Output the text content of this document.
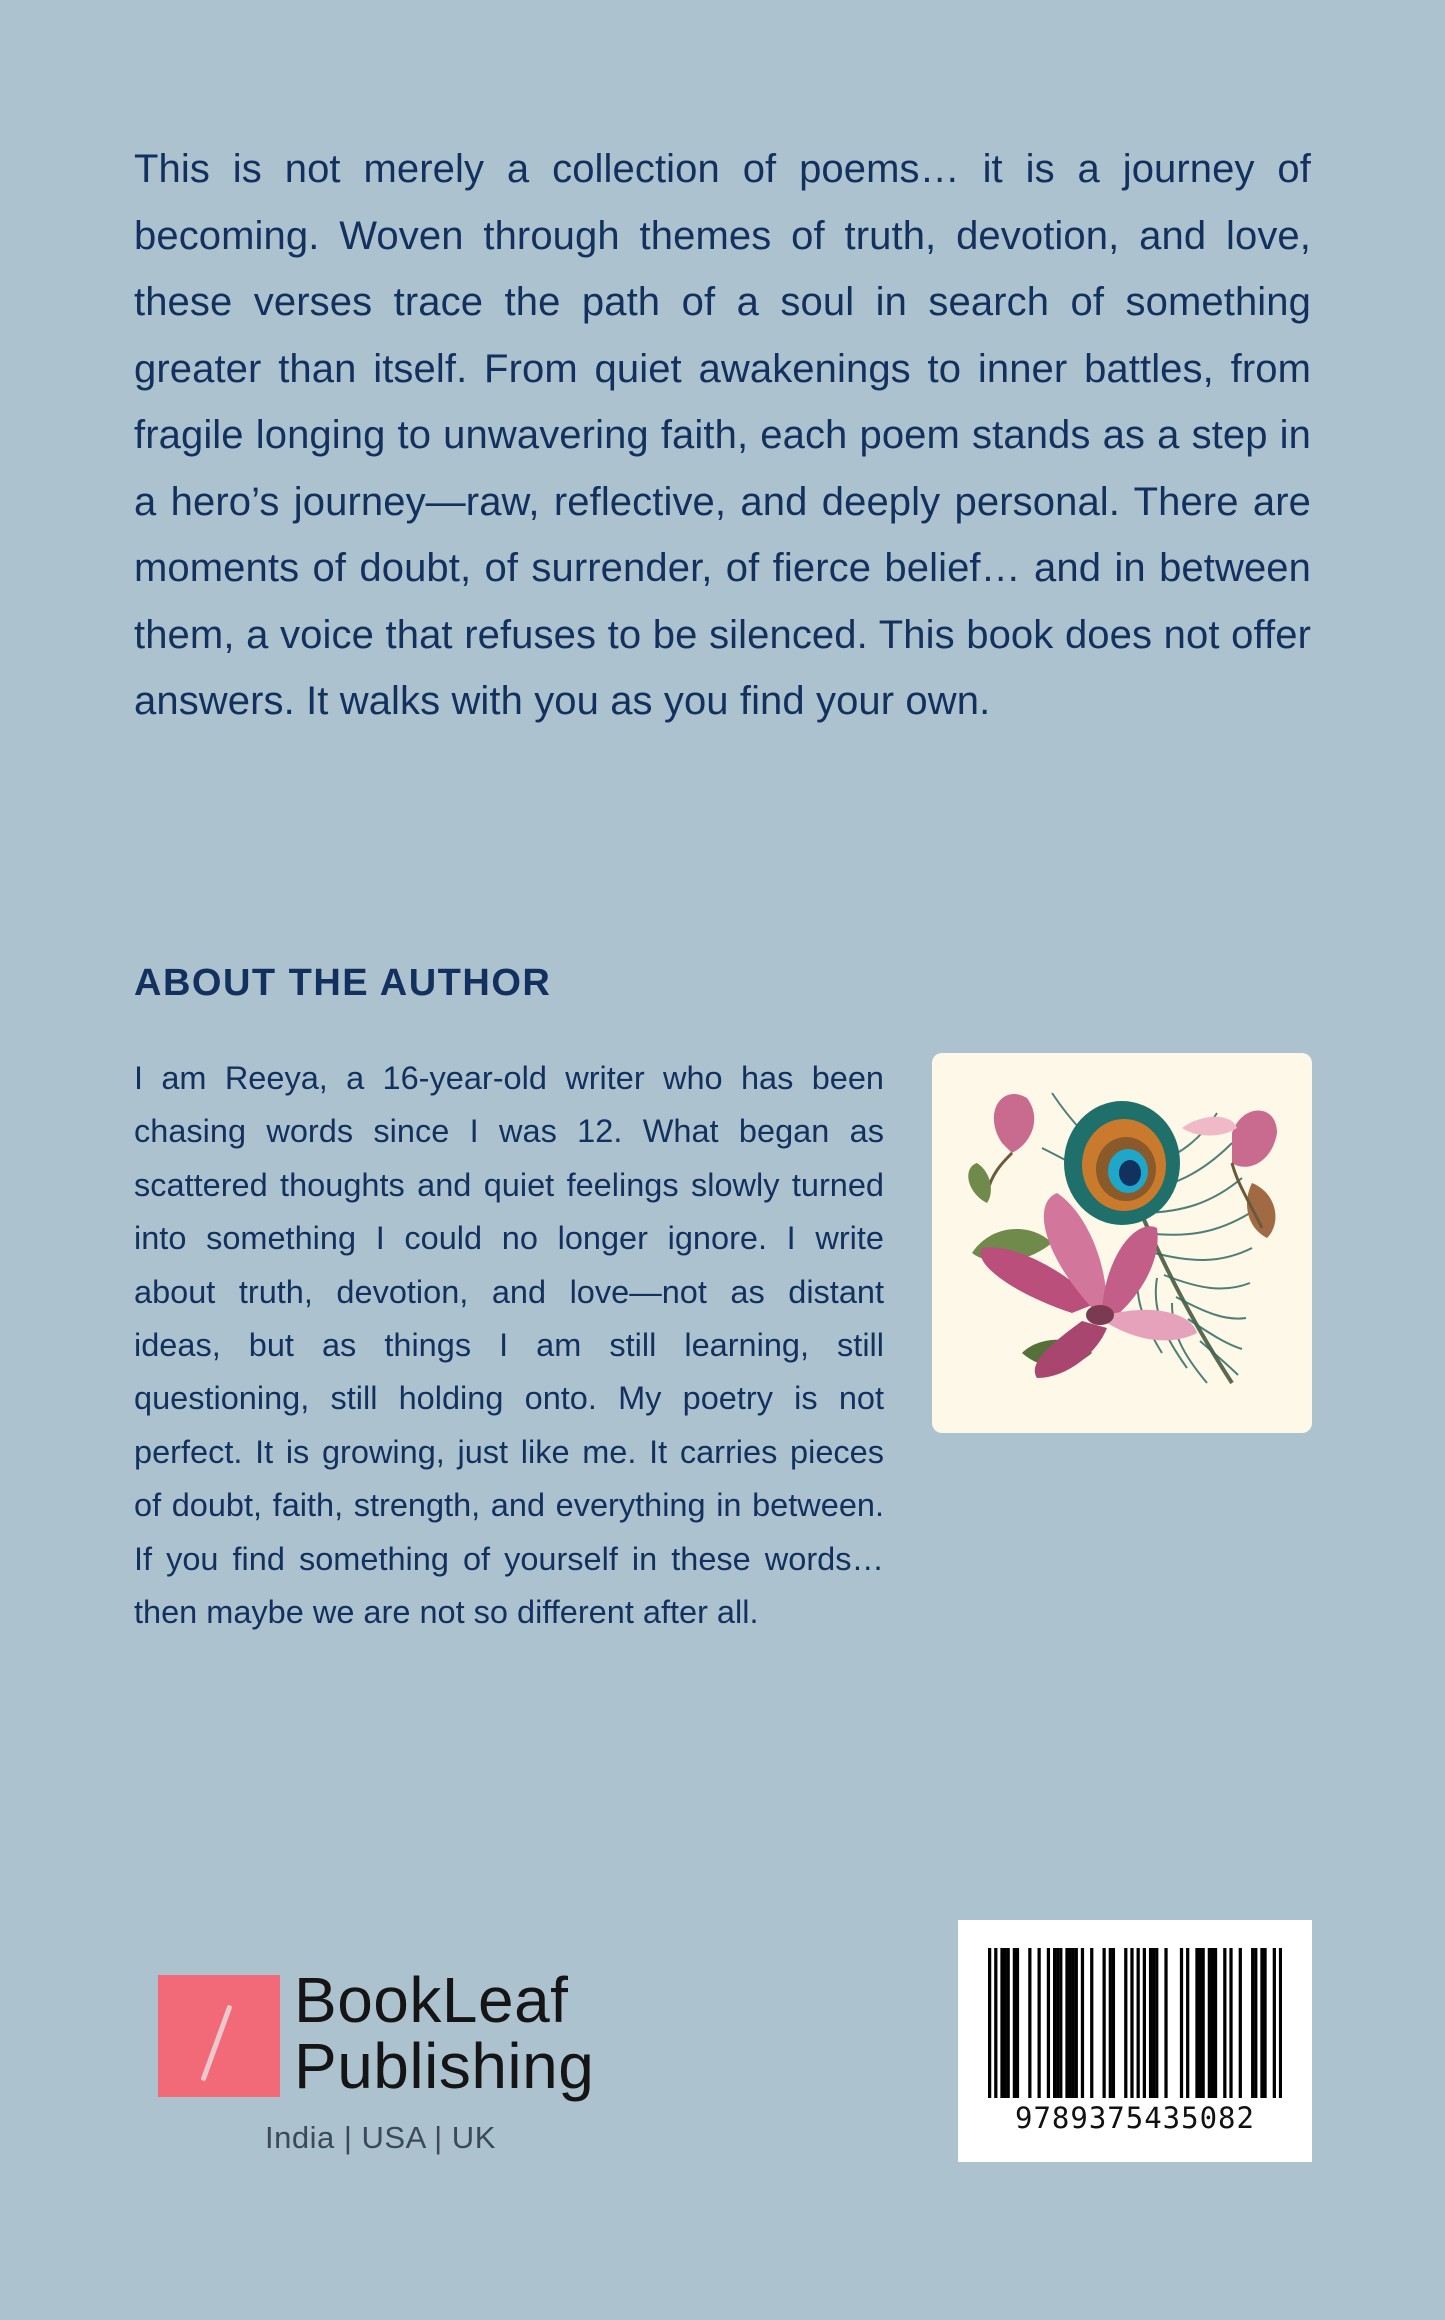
This is not merely a collection of poems… it is a journey of becoming. Woven through themes of truth, devotion, and love, these verses trace the path of a soul in search of something greater than itself. From quiet awakenings to inner battles, from fragile longing to unwavering faith, each poem stands as a step in a hero’s journey—raw, reflective, and deeply personal. There are moments of doubt, of surrender, of fierce belief… and in between them, a voice that refuses to be silenced. This book does not offer answers. It walks with you as you find your own.

ABOUT THE AUTHOR

I am Reeya, a 16-year-old writer who has been chasing words since I was 12. What began as scattered thoughts and quiet feelings slowly turned into something I could no longer ignore. I write about truth, devotion, and love—not as distant ideas, but as things I am still learning, still questioning, still holding onto. My poetry is not perfect. It is growing, just like me. It carries pieces of doubt, faith, strength, and everything in between. If you find something of yourself in these words… then maybe we are not so different after all.

BookLeaf
Publishing
India | USA | UK
9789375435082
